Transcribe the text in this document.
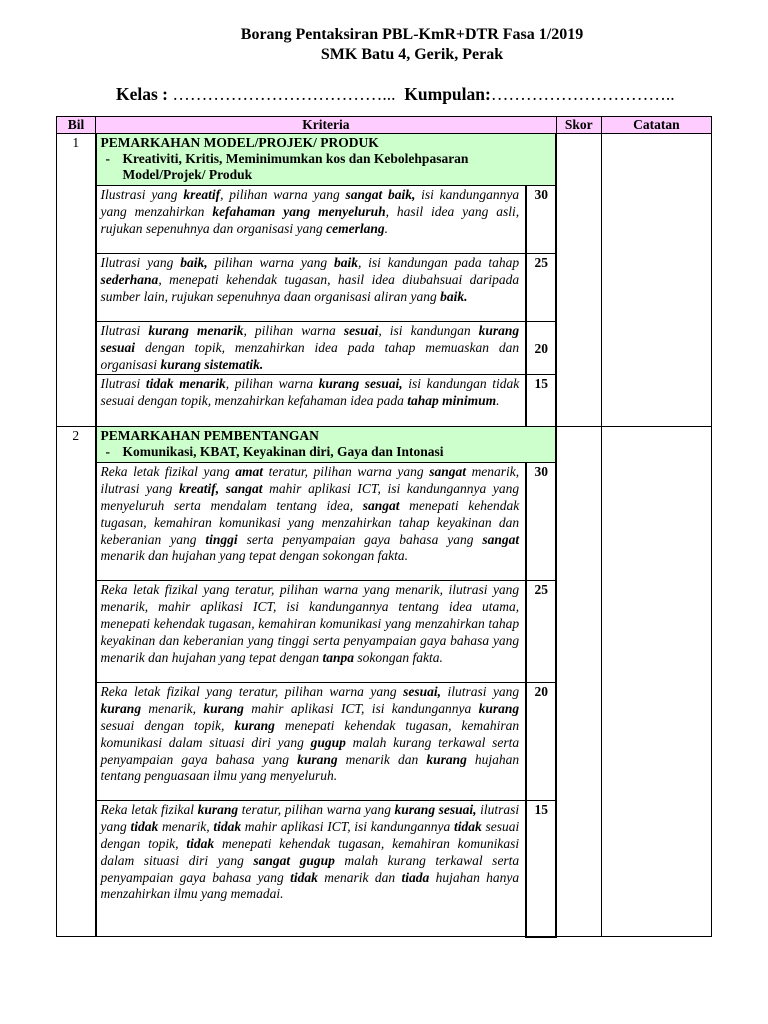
Borang Pentaksiran PBL-KmR+DTR Fasa 1/2019
SMK Batu 4, Gerik, Perak
Kelas : ………………………………... Kumpulan:…………………………..
Bil	Kriteria		Skor	Catatan
1	PEMARKAHAN MODEL/PROJEK/ PRODUK
- Kreativiti, Kritis, Meminimumkan kos dan Kebolehpasaran Model/Projek/ Produk			

	Ilustrasi yang kreatif, pilihan warna yang sangat baik, isi kandungannya yang menzahirkan kefahaman yang menyeluruh, hasil idea yang asli, rujukan sepenuhnya dan organisasi yang cemerlang.	30		
	Ilutrasi yang baik, pilihan warna yang baik, isi kandungan pada tahap sederhana, menepati kehendak tugasan, hasil idea diubahsuai daripada sumber lain, rujukan sepenuhnya daan organisasi aliran yang baik.	25		
	Ilutrasi kurang menarik, pilihan warna sesuai, isi kandungan kurang sesuai dengan topik, menzahirkan idea pada tahap memuaskan dan organisasi kurang sistematik.	20		
	Ilutrasi tidak menarik, pilihan warna kurang sesuai, isi kandungan tidak sesuai dengan topik, menzahirkan kefahaman idea pada tahap minimum.	15		
2	PEMARKAHAN PEMBENTANGAN
- Komunikasi, KBAT, Keyakinan diri, Gaya dan Intonasi			

	Reka letak fizikal yang amat teratur, pilihan warna yang sangat menarik, ilutrasi yang kreatif, sangat mahir aplikasi ICT, isi kandungannya yang menyeluruh serta mendalam tentang idea, sangat menepati kehendak tugasan, kemahiran komunikasi yang menzahirkan tahap keyakinan dan keberanian yang tinggi serta penyampaian gaya bahasa yang sangat menarik dan hujahan yang tepat dengan sokongan fakta.	30		
	Reka letak fizikal yang teratur, pilihan warna yang menarik, ilutrasi yang menarik, mahir aplikasi ICT, isi kandungannya tentang idea utama, menepati kehendak tugasan, kemahiran komunikasi yang menzahirkan tahap keyakinan dan keberanian yang tinggi serta penyampaian gaya bahasa yang menarik dan hujahan yang tepat dengan tanpa sokongan fakta.	25		
	Reka letak fizikal yang teratur, pilihan warna yang sesuai, ilutrasi yang kurang menarik, kurang mahir aplikasi ICT, isi kandungannya kurang sesuai dengan topik, kurang menepati kehendak tugasan, kemahiran komunikasi dalam situasi diri yang gugup malah kurang terkawal serta penyampaian gaya bahasa yang kurang menarik dan kurang hujahan tentang penguasaan ilmu yang menyeluruh.	20		
	Reka letak fizikal kurang teratur, pilihan warna yang kurang sesuai, ilutrasi yang tidak menarik, tidak mahir aplikasi ICT, isi kandungannya tidak sesuai dengan topik, tidak menepati kehendak tugasan, kemahiran komunikasi dalam situasi diri yang sangat gugup malah kurang terkawal serta penyampaian gaya bahasa yang tidak menarik dan tiada hujahan hanya menzahirkan ilmu yang memadai.	15		
